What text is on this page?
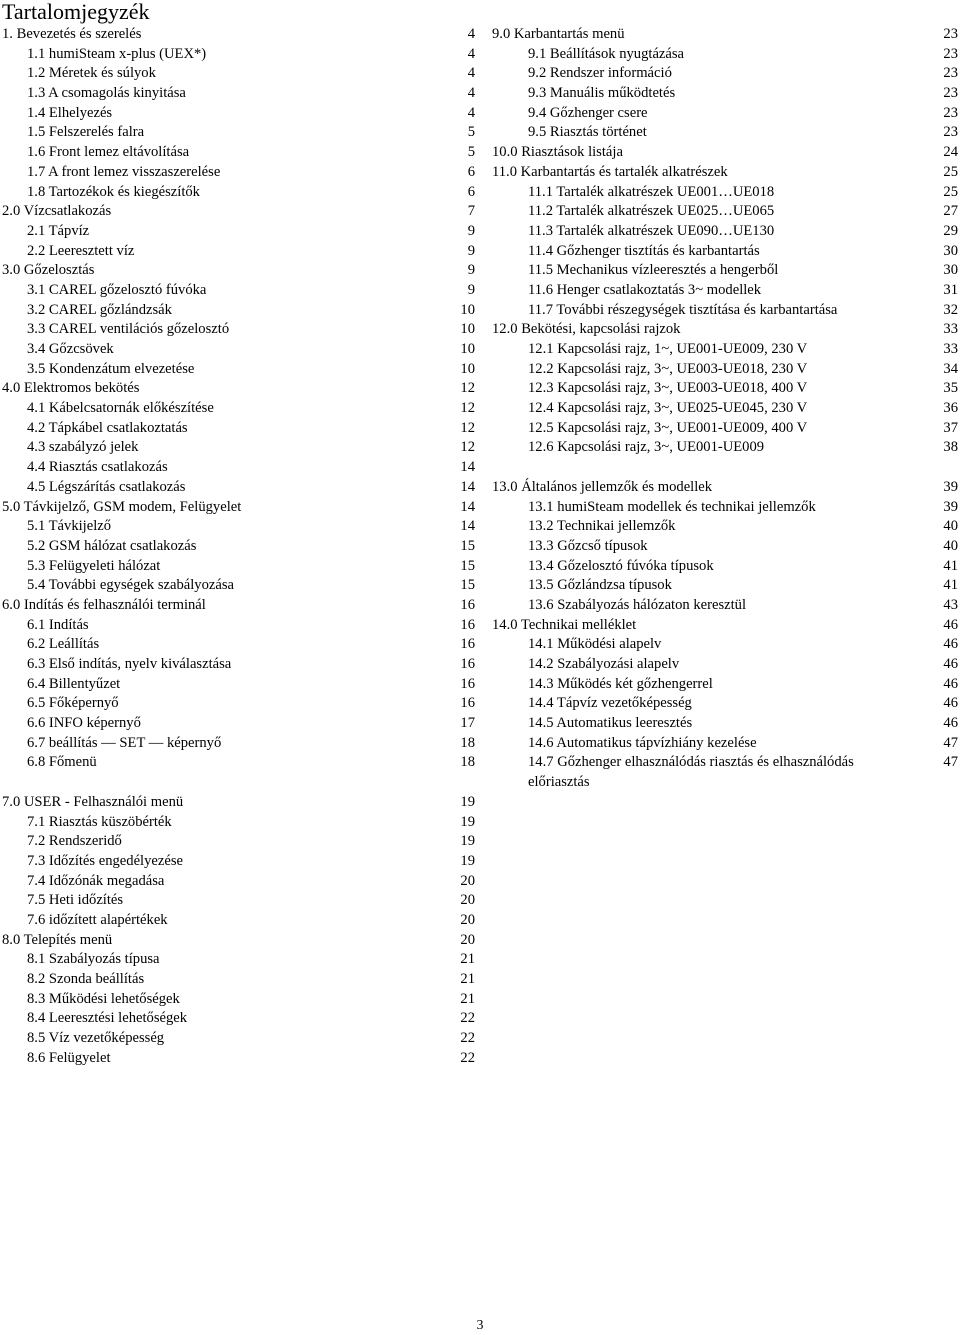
Tartalomjegyzék
1. Bevezetés és szerelés	4
1.1 humiSteam x-plus (UEX*)	4
1.2 Méretek és súlyok	4
1.3 A csomagolás kinyitása	4
1.4 Elhelyezés	4
1.5 Felszerelés falra	5
1.6 Front lemez eltávolítása	5
1.7 A front lemez visszaszerelése	6
1.8 Tartozékok és kiegészítők	6
2.0 Vízcsatlakozás	7
2.1 Tápvíz	9
2.2 Leeresztett víz	9
3.0 Gőzelosztás	9
3.1 CAREL gőzelosztó fúvóka	9
3.2 CAREL gőzlándzsák	10
3.3 CAREL ventilációs gőzelosztó	10
3.4 Gőzcsövek	10
3.5 Kondenzátum elvezetése	10
4.0 Elektromos bekötés	12
4.1 Kábelcsatornák előkészítése	12
4.2 Tápkábel csatlakoztatás	12
4.3 szabályzó jelek	12
4.4 Riasztás csatlakozás	14
4.5 Légszárítás csatlakozás	14
5.0 Távkijelző, GSM modem, Felügyelet	14
5.1 Távkijelző	14
5.2 GSM hálózat csatlakozás	15
5.3 Felügyeleti hálózat	15
5.4 További egységek szabályozása	15
6.0 Indítás és felhasználói terminál	16
6.1 Indítás	16
6.2 Leállítás	16
6.3 Első indítás, nyelv kiválasztása	16
6.4 Billentyűzet	16
6.5 Főképernyő	16
6.6 INFO képernyő	17
6.7 beállítás — SET — képernyő	18
6.8 Főmenü	18
7.0 USER - Felhasználói menü	19
7.1 Riasztás küszöbérték	19
7.2 Rendszeridő	19
7.3 Időzítés engedélyezése	19
7.4 Időzónák megadása	20
7.5 Heti időzítés	20
7.6 időzített alapértékek	20
8.0 Telepítés menü	20
8.1 Szabályozás típusa	21
8.2 Szonda beállítás	21
8.3 Működési lehetőségek	21
8.4 Leeresztési lehetőségek	22
8.5 Víz vezetőképesség	22
8.6 Felügyelet	22
9.0 Karbantartás menü	23
9.1 Beállítások nyugtázása	23
9.2 Rendszer információ	23
9.3 Manuális működtetés	23
9.4 Gőzhenger csere	23
9.5 Riasztás történet	23
10.0 Riasztások listája	24
11.0 Karbantartás és tartalék alkatrészek	25
11.1 Tartalék alkatrészek UE001…UE018	25
11.2 Tartalék alkatrészek UE025…UE065	27
11.3 Tartalék alkatrészek UE090…UE130	29
11.4 Gőzhenger tisztítás és karbantartás	30
11.5 Mechanikus vízleeresztés a hengerből	30
11.6 Henger csatlakoztatás 3~ modellek	31
11.7 További részegységek tisztítása és karbantartása	32
12.0 Bekötési, kapcsolási rajzok	33
12.1 Kapcsolási rajz, 1~, UE001-UE009, 230 V	33
12.2 Kapcsolási rajz, 3~, UE003-UE018, 230 V	34
12.3 Kapcsolási rajz, 3~, UE003-UE018, 400 V	35
12.4 Kapcsolási rajz, 3~, UE025-UE045, 230 V	36
12.5 Kapcsolási rajz, 3~, UE001-UE009, 400 V	37
12.6 Kapcsolási rajz, 3~, UE001-UE009	38
13.0 Általános jellemzők és modellek	39
13.1 humiSteam modellek és technikai jellemzők	39
13.2 Technikai jellemzők	40
13.3 Gőzcső típusok	40
13.4 Gőzelosztó fúvóka típusok	41
13.5 Gőzlándzsa típusok	41
13.6 Szabályozás hálózaton keresztül	43
14.0 Technikai melléklet	46
14.1 Működési alapelv	46
14.2 Szabályozási alapelv	46
14.3 Működés két gőzhengerrel	46
14.4 Tápvíz vezetőképesség	46
14.5 Automatikus leeresztés	46
14.6 Automatikus tápvízhiány kezelése	47
14.7 Gőzhenger elhasználódás riasztás és elhasználódás előriasztás
47
3
